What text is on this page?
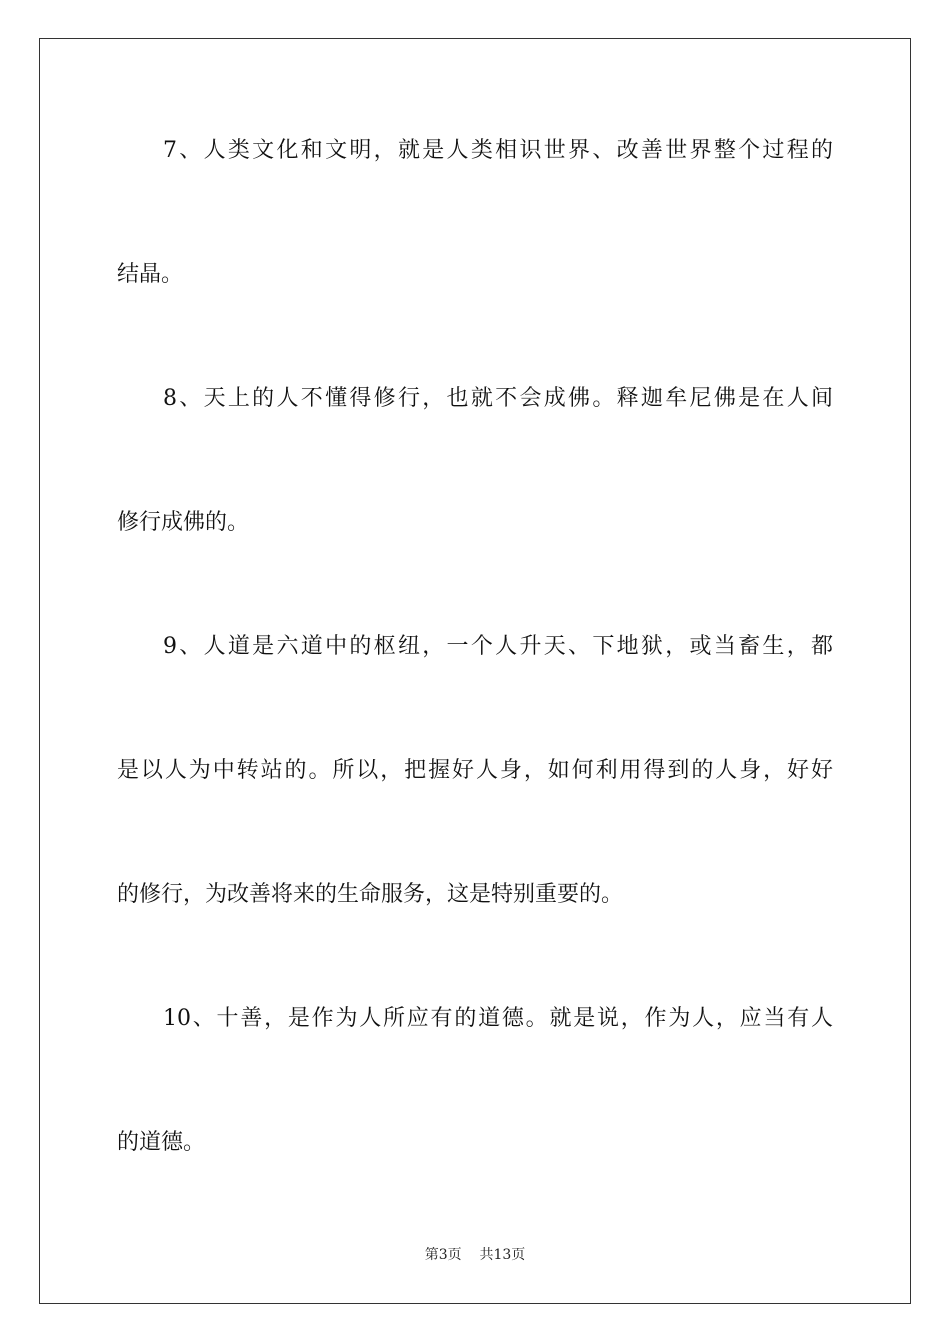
7、人类文化和文明，就是人类相识世界、改善世界整个过程的
结晶。
8、天上的人不懂得修行，也就不会成佛。释迦牟尼佛是在人间
修行成佛的。
9、人道是六道中的枢纽，一个人升天、下地狱，或当畜生，都
是以人为中转站的。所以，把握好人身，如何利用得到的人身，好好
的修行，为改善将来的生命服务，这是特别重要的。
10、十善，是作为人所应有的道德。就是说，作为人，应当有人
的道德。
第3页 共13页
